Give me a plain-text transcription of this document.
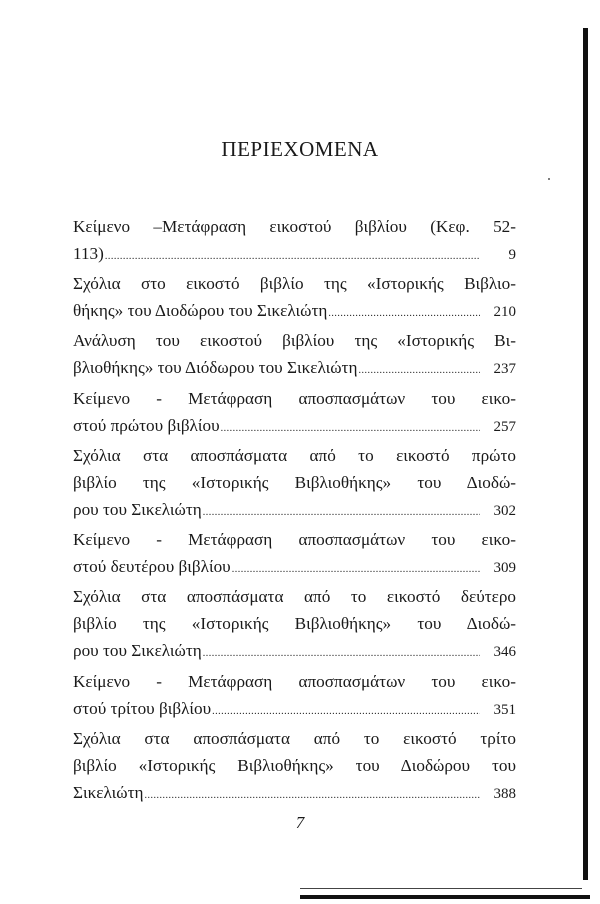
ΠΕΡΙΕΧΟΜΕΝΑ
Κείμενο –Μετάφραση εικοστού βιβλίου (Κεφ. 52-
113) .....	9
Σχόλια στο εικοστό βιβλίο της «Ιστορικής Βιβλιο-
θήκης» του Διοδώρου του Σικελιώτη .....	210
Ανάλυση του εικοστού βιβλίου της «Ιστορικής Βι-
βλιοθήκης» του Διόδωρου του Σικελιώτη .....	237
Κείμενο - Μετάφραση αποσπασμάτων του εικο-
στού πρώτου βιβλίου .....	257
Σχόλια στα αποσπάσματα από το εικοστό πρώτο
βιβλίο της «Ιστορικής Βιβλιοθήκης» του Διοδώ-
ρου του Σικελιώτη .....	302
Κείμενο - Μετάφραση αποσπασμάτων του εικο-
στού δευτέρου βιβλίου .....	309
Σχόλια στα αποσπάσματα από το εικοστό δεύτερο
βιβλίο της «Ιστορικής Βιβλιοθήκης» του Διοδώ-
ρου του Σικελιώτη .....	346
Κείμενο - Μετάφραση αποσπασμάτων του εικο-
στού τρίτου βιβλίου .....	351
Σχόλια στα αποσπάσματα από το εικοστό τρίτο
βιβλίο «Ιστορικής Βιβλιοθήκης» του Διοδώρου του
Σικελιώτη .....	388
7
